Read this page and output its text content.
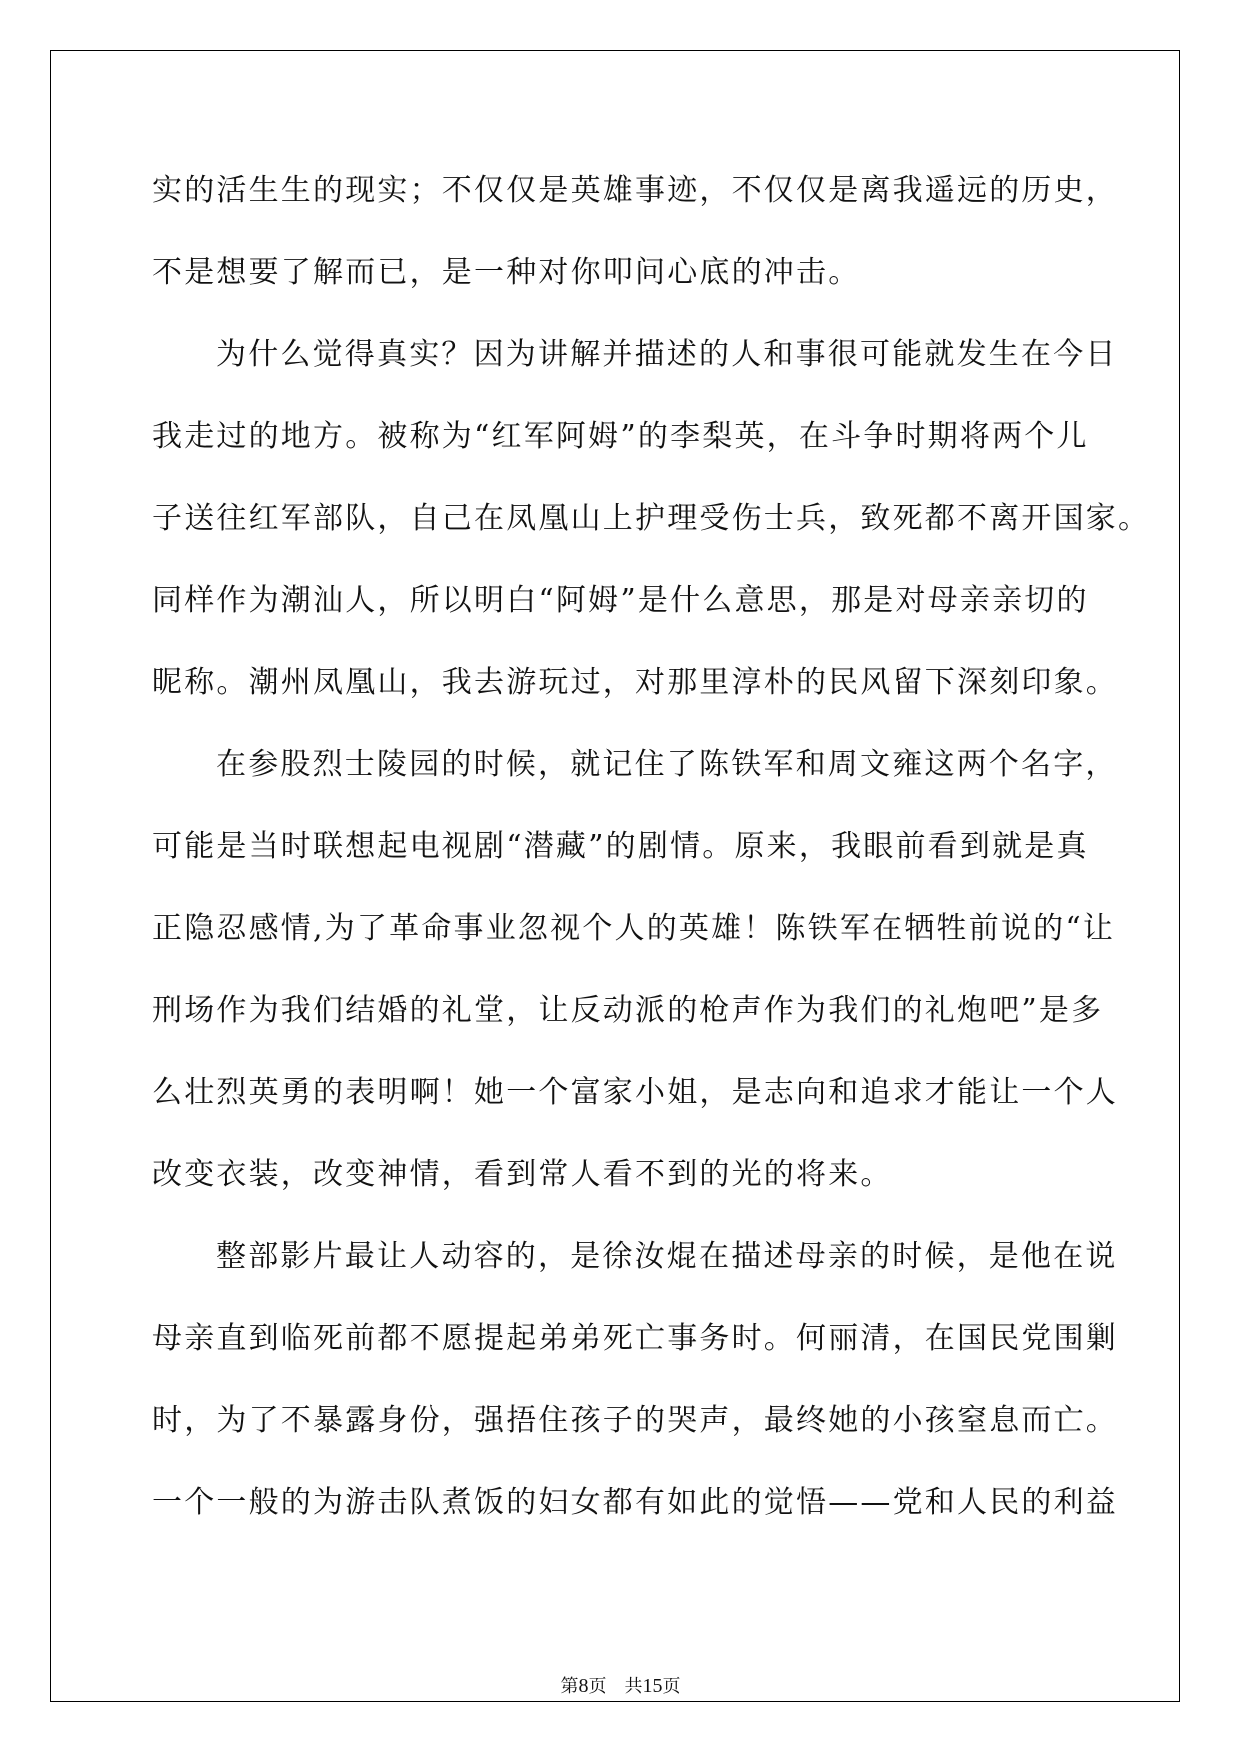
实的活生生的现实；不仅仅是英雄事迹，不仅仅是离我遥远的历史，
不是想要了解而已，是一种对你叩问心底的冲击。
为什么觉得真实？因为讲解并描述的人和事很可能就发生在今日
我走过的地方。被称为“红军阿姆”的李梨英，在斗争时期将两个儿
子送往红军部队，自己在凤凰山上护理受伤士兵，致死都不离开国家。
同样作为潮汕人，所以明白“阿姆”是什么意思，那是对母亲亲切的
昵称。潮州凤凰山，我去游玩过，对那里淳朴的民风留下深刻印象。
在参股烈士陵园的时候，就记住了陈铁军和周文雍这两个名字，
可能是当时联想起电视剧“潜藏”的剧情。原来，我眼前看到就是真
正隐忍感情,为了革命事业忽视个人的英雄！陈铁军在牺牲前说的“让
刑场作为我们结婚的礼堂，让反动派的枪声作为我们的礼炮吧”是多
么壮烈英勇的表明啊！她一个富家小姐，是志向和追求才能让一个人
改变衣装，改变神情，看到常人看不到的光的将来。
整部影片最让人动容的，是徐汝焜在描述母亲的时候，是他在说
母亲直到临死前都不愿提起弟弟死亡事务时。何丽清，在国民党围剿
时，为了不暴露身份，强捂住孩子的哭声，最终她的小孩窒息而亡。
一个一般的为游击队煮饭的妇女都有如此的觉悟——党和人民的利益
第8页　共15页
